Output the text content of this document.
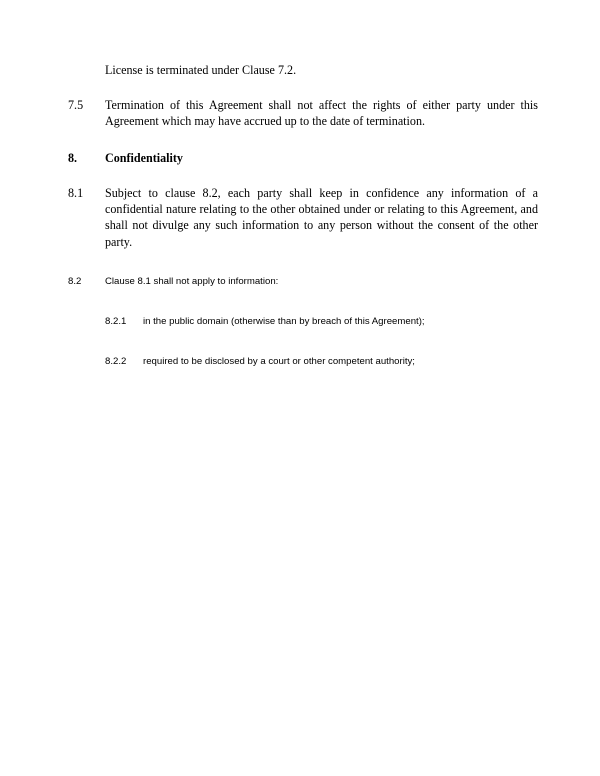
License is terminated under Clause 7.2.
7.5	Termination of this Agreement shall not affect the rights of either party under this Agreement which may have accrued up to the date of termination.
8.	Confidentiality
8.1	Subject to clause 8.2, each party shall keep in confidence any information of a confidential nature relating to the other obtained under or relating to this Agreement, and shall not divulge any such information to any person without the consent of the other party.
8.2	Clause 8.1 shall not apply to information:
8.2.1	in the public domain (otherwise than by breach of this Agreement);
8.2.2	required to be disclosed by a court or other competent authority;
